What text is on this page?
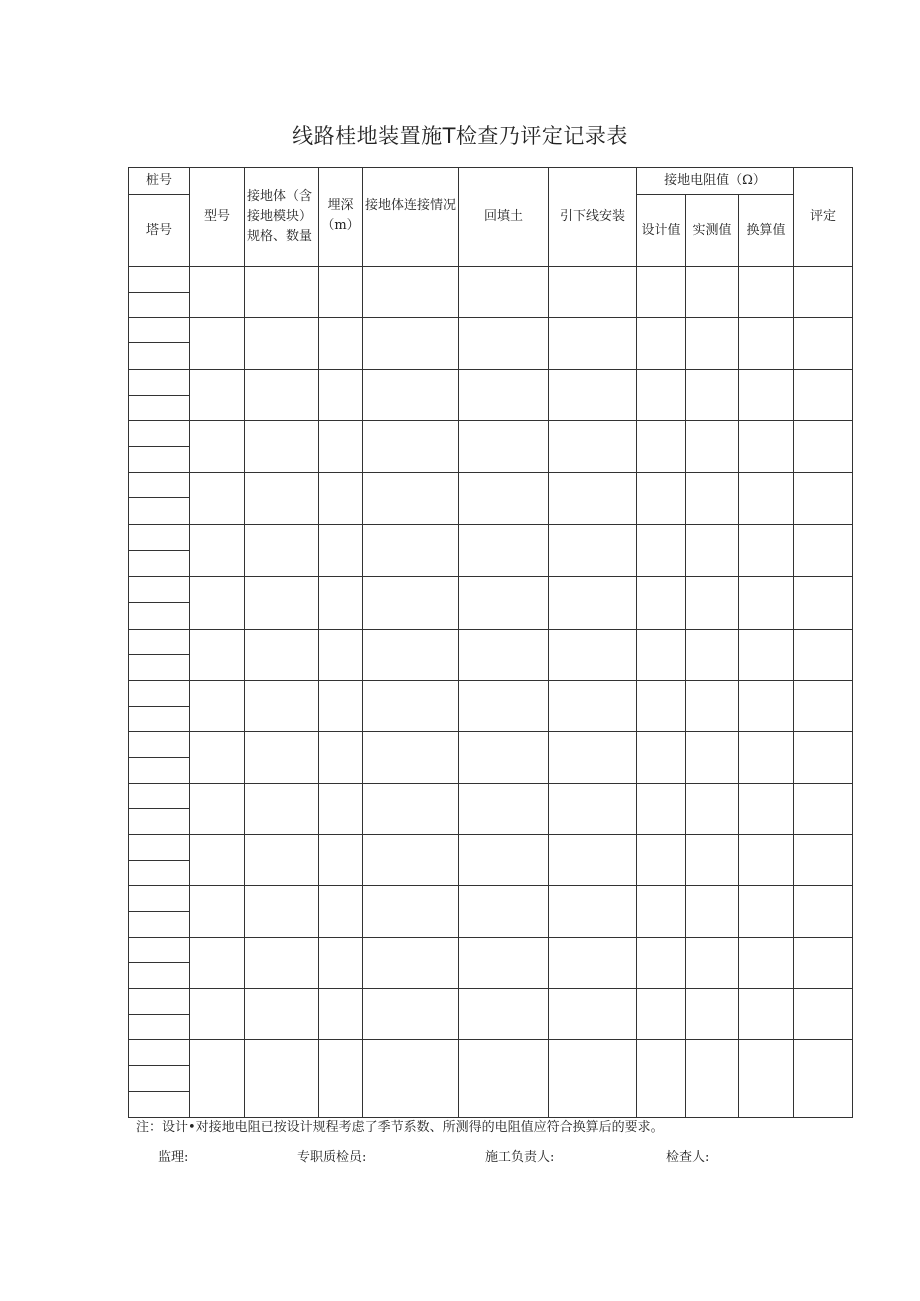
线路桂地装置施T检查乃评定记录表
桩号	型号	接地体（含接地模块）规格、数量	埋深（m）	接地体连接情况	回填土	引下线安装	接地电阻值（Ω）			评定
塔号							设计值	实测值	换算值	

注：设计•对接地电阻已按设计规程考虑了季节系数、所测得的电阻值应符合换算后的要求。
监理:	专职质检员:	施工负责人:	检查人:
